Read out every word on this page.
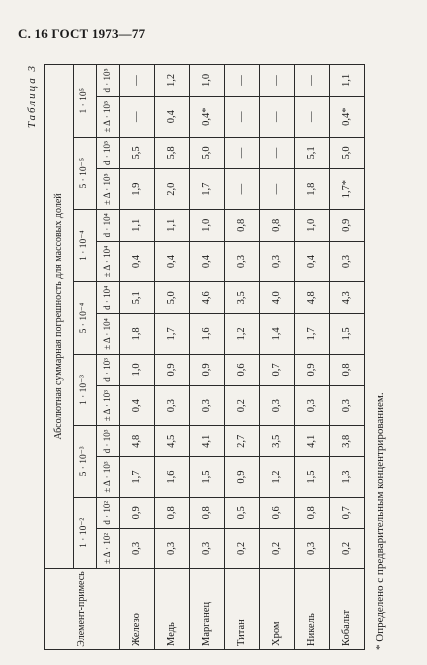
С. 16 ГОСТ 1973—77
Таблица 3
Элемент-примесь	Абсолютная суммарная погрешность для массовых долей													
	1 · 10⁻²		5 · 10⁻³		1 · 10⁻³		5 · 10⁻⁴		1 · 10⁻⁴		5 · 10⁻⁵		1 · 10⁵	
	± Δ · 10²	d · 10²	± Δ · 10³	d · 10³	± Δ · 10³	d · 10³	± Δ · 10⁴	d · 10⁴	± Δ · 10⁴	d · 10⁴	± Δ · 10⁵	d · 10⁵	± Δ · 10⁵	d · 10⁵
Железо	0,3	0,9	1,7	4,8	0,4	1,0	1,8	5,1	0,4	1,1	1,9	5,5	—	—
Медь	0,3	0,8	1,6	4,5	0,3	0,9	1,7	5,0	0,4	1,1	2,0	5,8	0,4	1,2
Марганец	0,3	0,8	1,5	4,1	0,3	0,9	1,6	4,6	0,4	1,0	1,7	5,0	0,4*	1,0
Титан	0,2	0,5	0,9	2,7	0,2	0,6	1,2	3,5	0,3	0,8	—	—	—	—
Хром	0,2	0,6	1,2	3,5	0,3	0,7	1,4	4,0	0,3	0,8	—	—	—	—
Никель	0,3	0,8	1,5	4,1	0,3	0,9	1,7	4,8	0,4	1,0	1,8	5,1	—	—
Кобальт	0,2	0,7	1,3	3,8	0,3	0,8	1,5	4,3	0,3	0,9	1,7*	5,0	0,4*	1,1
* Определено с предварительным концентрированием.
